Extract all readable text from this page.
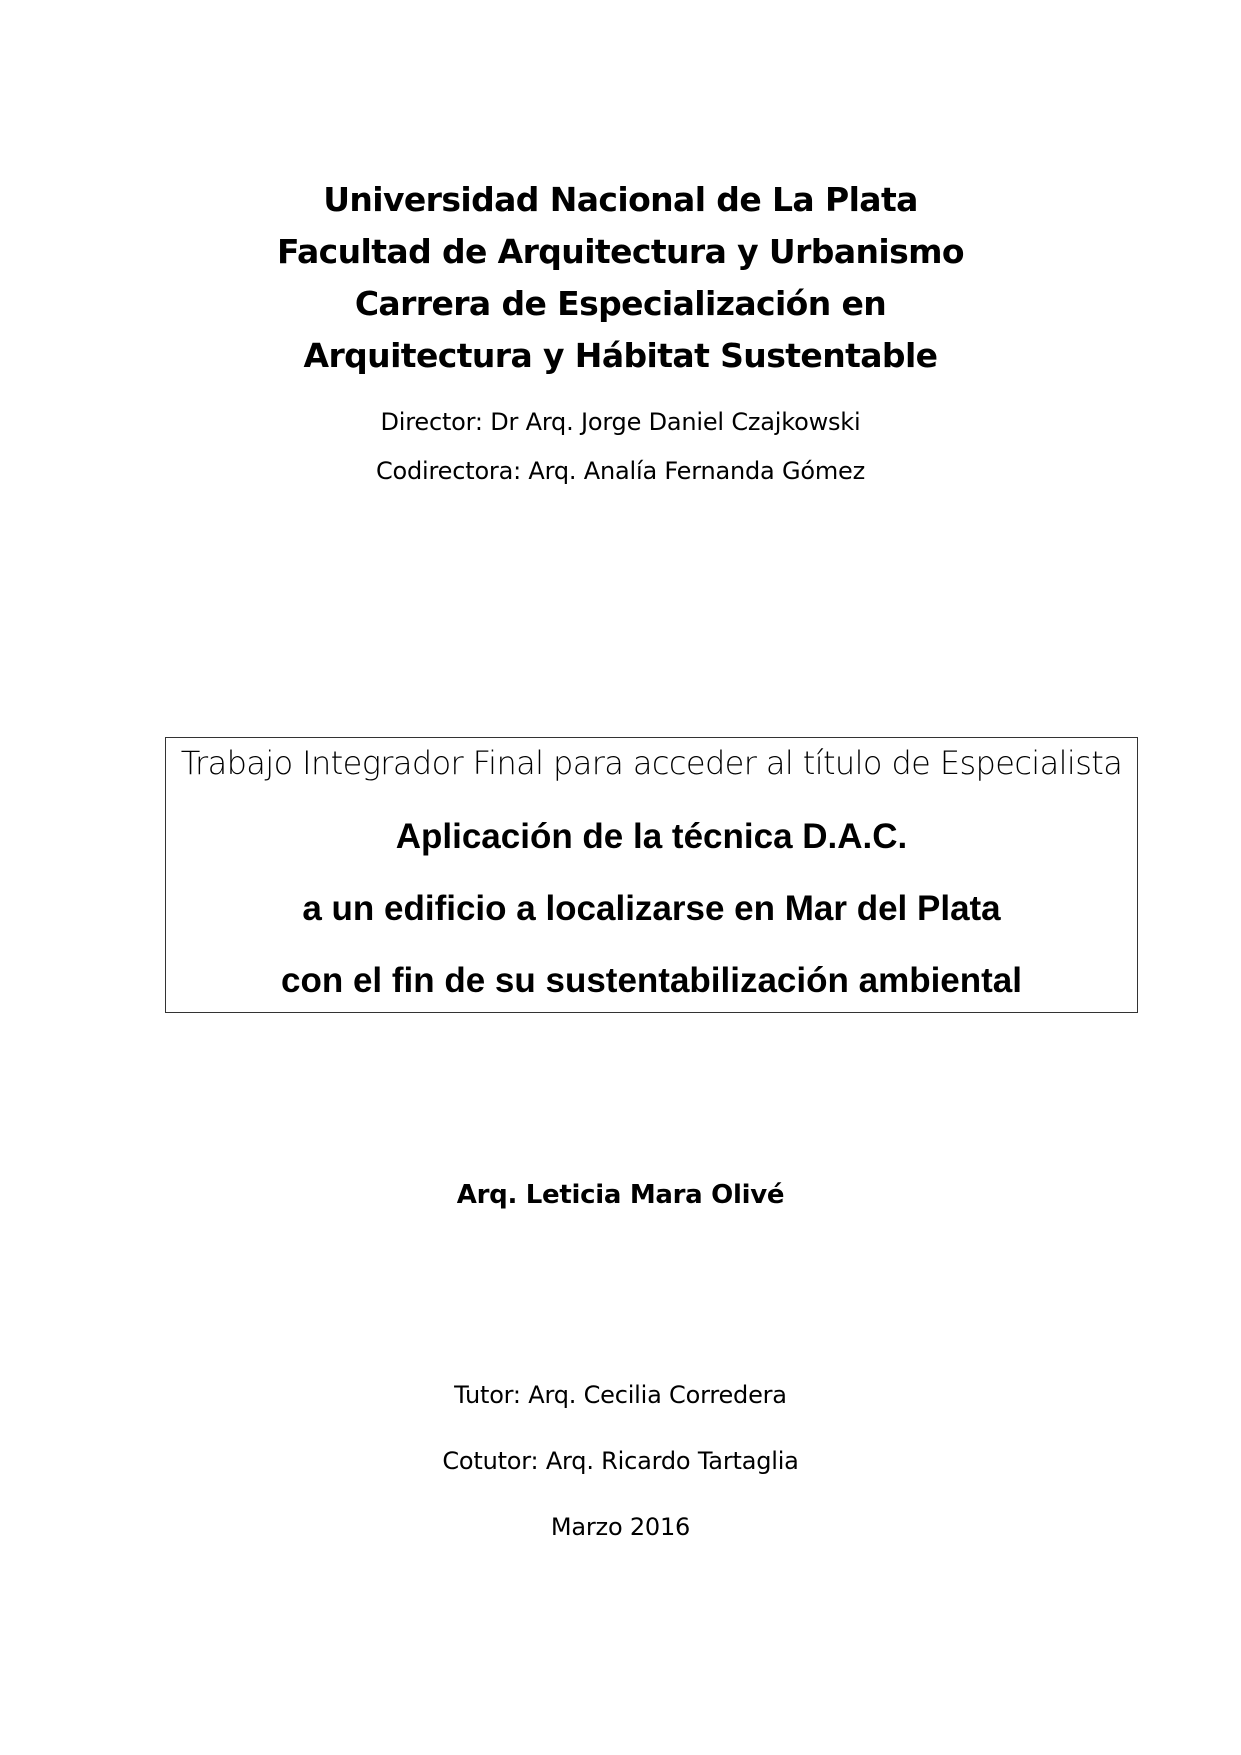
Universidad Nacional de La Plata
Facultad de Arquitectura y Urbanismo
Carrera de Especialización en
Arquitectura y Hábitat Sustentable
Director: Dr Arq. Jorge Daniel Czajkowski
Codirectora: Arq. Analía Fernanda Gómez
Trabajo Integrador Final para acceder al título de Especialista
Aplicación de la técnica D.A.C.
a un edificio a localizarse en Mar del Plata
con el fin de su sustentabilización ambiental
Arq. Leticia Mara Olivé
Tutor: Arq. Cecilia Corredera
Cotutor: Arq. Ricardo Tartaglia
Marzo 2016
